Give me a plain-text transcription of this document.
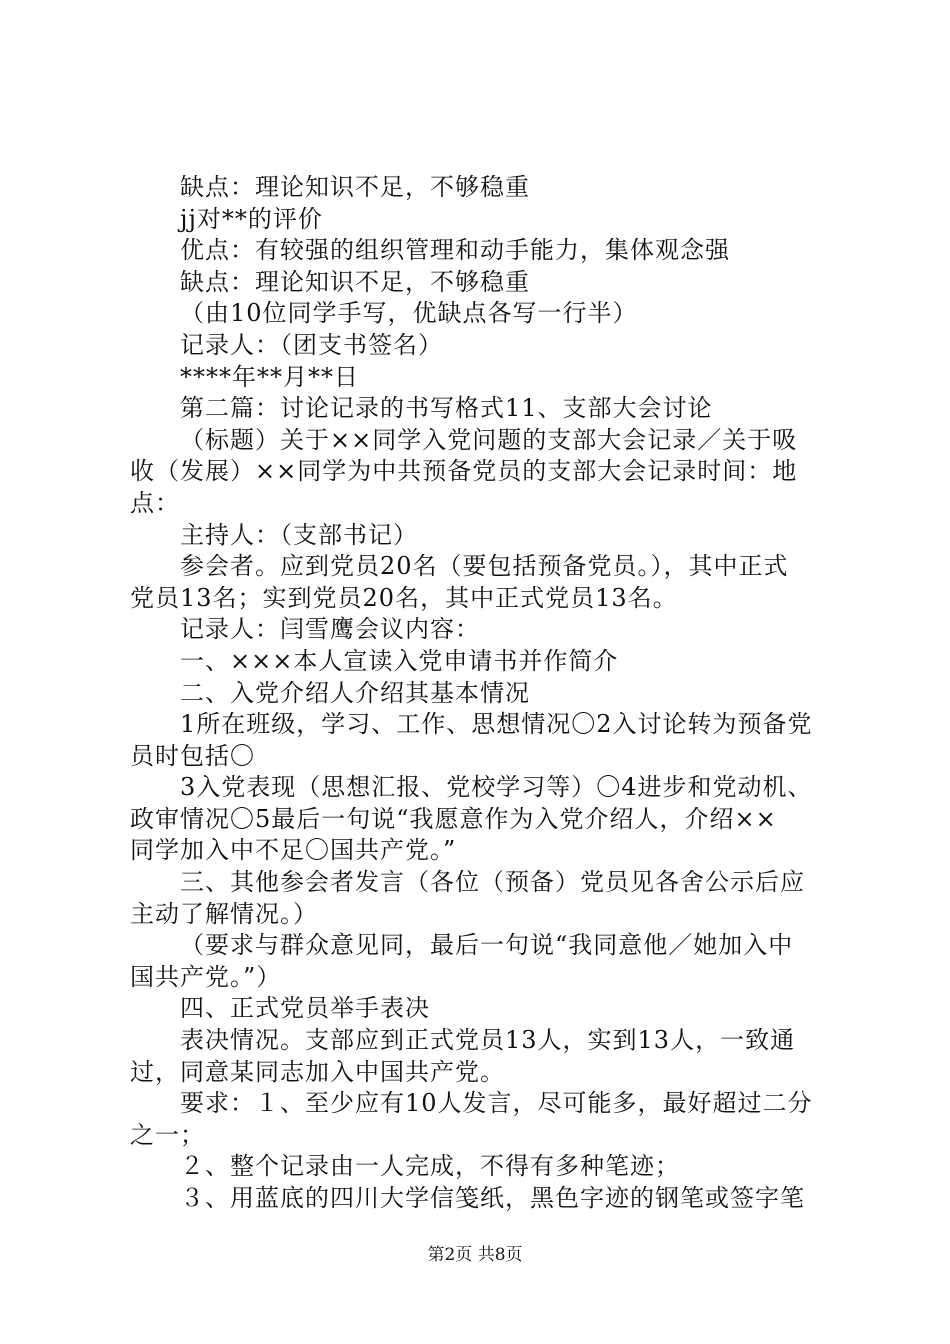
缺点：理论知识不足，不够稳重
jj对**的评价
优点：有较强的组织管理和动手能力，集体观念强
缺点：理论知识不足，不够稳重
（由10位同学手写，优缺点各写一行半）
记录人：（团支书签名）
****年**月**日
第二篇：讨论记录的书写格式11、支部大会讨论
（标题）关于××同学入党问题的支部大会记录／关于吸
收（发展）××同学为中共预备党员的支部大会记录时间：地
点：
主持人：（支部书记）
参会者。应到党员20名（要包括预备党员。），其中正式
党员13名；实到党员20名，其中正式党员13名。
记录人：闫雪鹰会议内容：
一、×××本人宣读入党申请书并作简介
二、入党介绍人介绍其基本情况
1所在班级，学习、工作、思想情况〇2入讨论转为预备党
员时包括〇
3入党表现（思想汇报、党校学习等）〇4进步和党动机、
政审情况〇5最后一句说“我愿意作为入党介绍人，介绍××
同学加入中不足〇国共产党。”
三、其他参会者发言（各位（预备）党员见各舍公示后应
主动了解情况。）
（要求与群众意见同，最后一句说“我同意他／她加入中
国共产党。”）
四、正式党员举手表决
表决情况。支部应到正式党员13人，实到13人，一致通
过，同意某同志加入中国共产党。
要求：１、至少应有10人发言，尽可能多，最好超过二分
之一；
２、整个记录由一人完成，不得有多种笔迹；
３、用蓝底的四川大学信笺纸，黑色字迹的钢笔或签字笔
第2页 共8页
